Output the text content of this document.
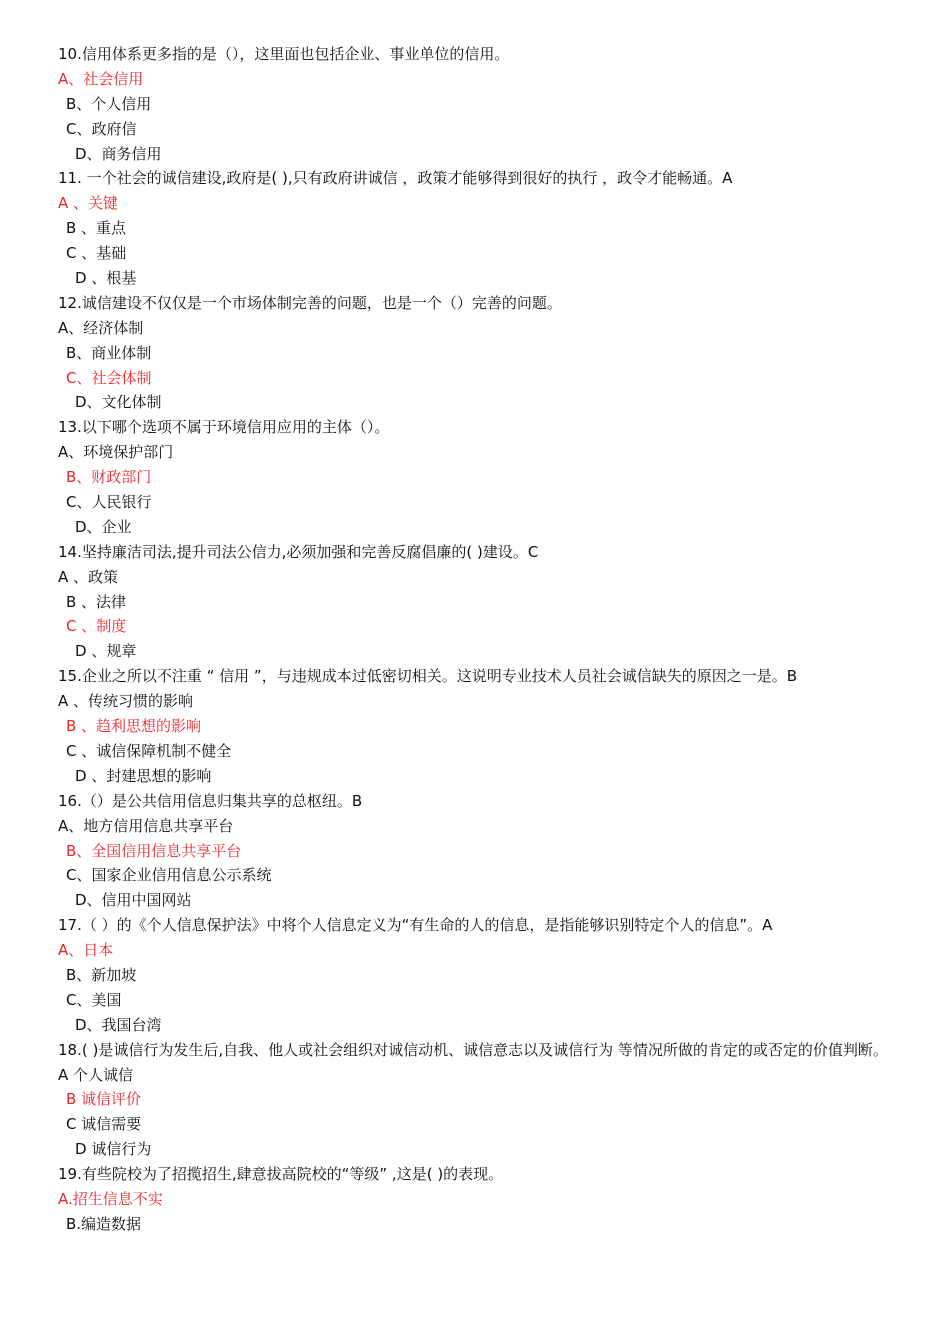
10.信用体系更多指的是（），这里面也包括企业、事业单位的信用。
A、社会信用
B、个人信用
C、政府信
D、商务信用
11. 一个社会的诚信建设,政府是( ),只有政府讲诚信 ，政策才能够得到很好的执行 ，政令才能畅通。A
A 、关键
B 、重点
C 、基础
D 、根基
12.诚信建设不仅仅是一个市场体制完善的问题，也是一个（）完善的问题。
A、经济体制
B、商业体制
C、社会体制
D、文化体制
13.以下哪个选项不属于环境信用应用的主体（）。
A、环境保护部门
B、财政部门
C、人民银行
D、企业
14.坚持廉洁司法,提升司法公信力,必须加强和完善反腐倡廉的( )建设。C
A 、政策
B 、法律
C 、制度
D 、规章
15.企业之所以不注重 “ 信用 ”，与违规成本过低密切相关。这说明专业技术人员社会诚信缺失的原因之一是。B
A 、传统习惯的影响
B 、趋利思想的影响
C 、诚信保障机制不健全
D 、封建思想的影响
16.（）是公共信用信息归集共享的总枢纽。B
A、地方信用信息共享平台
B、全国信用信息共享平台
C、国家企业信用信息公示系统
D、信用中国网站
17.（ ）的《个人信息保护法》中将个人信息定义为“有生命的人的信息，是指能够识别特定个人的信息”。A
A、日本
B、新加坡
C、美国
D、我国台湾
18.( )是诚信行为发生后,自我、他人或社会组织对诚信动机、诚信意志以及诚信行为 等情况所做的肯定的或否定的价值判断。
A 个人诚信
B 诚信评价
C 诚信需要
D 诚信行为
19.有些院校为了招揽招生,肆意拔高院校的“等级” ,这是( )的表现。
A.招生信息不实
B.编造数据
